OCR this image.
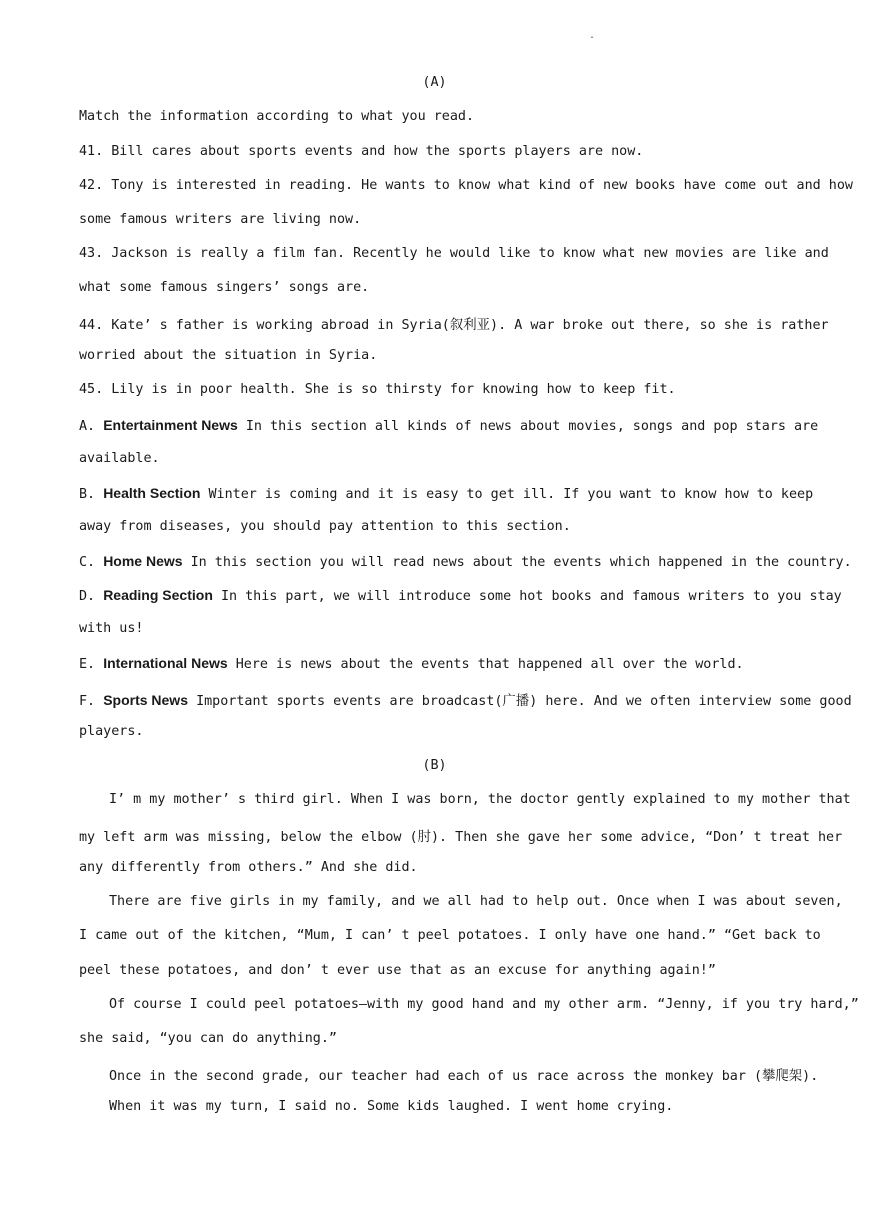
.
(A)
Match the information according to what you read.
41. Bill cares about sports events and how the sports players are now.
42. Tony is interested in reading. He wants to know what kind of new books have come out and how
some famous writers are living now.
43. Jackson is really a film fan. Recently he would like to know what new movies are like and
what some famous singers’ songs are.
44. Kate’ s father is working abroad in Syria(叙利亚). A war broke out there, so she is rather
worried about the situation in Syria.
45. Lily is in poor health. She is so thirsty for knowing how to keep fit.
A. Entertainment News In this section all kinds of news about movies, songs and pop stars are
available.
B. Health Section Winter is coming and it is easy to get ill. If you want to know how to keep
away from diseases, you should pay attention to this section.
C. Home News In this section you will read news about the events which happened in the country.
D. Reading Section In this part, we will introduce some hot books and famous writers to you stay
with us!
E. International News Here is news about the events that happened all over the world.
F. Sports News Important sports events are broadcast(广播) here. And we often interview some good
players.
(B)
I’ m my mother’ s third girl. When I was born, the doctor gently explained to my mother that
my left arm was missing, below the elbow (肘). Then she gave her some advice, “Don’ t treat her
any differently from others.” And she did.
There are five girls in my family, and we all had to help out. Once when I was about seven,
I came out of the kitchen, “Mum, I can’ t peel potatoes. I only have one hand.” “Get back to
peel these potatoes, and don’ t ever use that as an excuse for anything again!”
Of course I could peel potatoes—with my good hand and my other arm. “Jenny, if you try hard,”
she said, “you can do anything.”
Once in the second grade, our teacher had each of us race across the monkey bar (攀爬架).
When it was my turn, I said no. Some kids laughed. I went home crying.
